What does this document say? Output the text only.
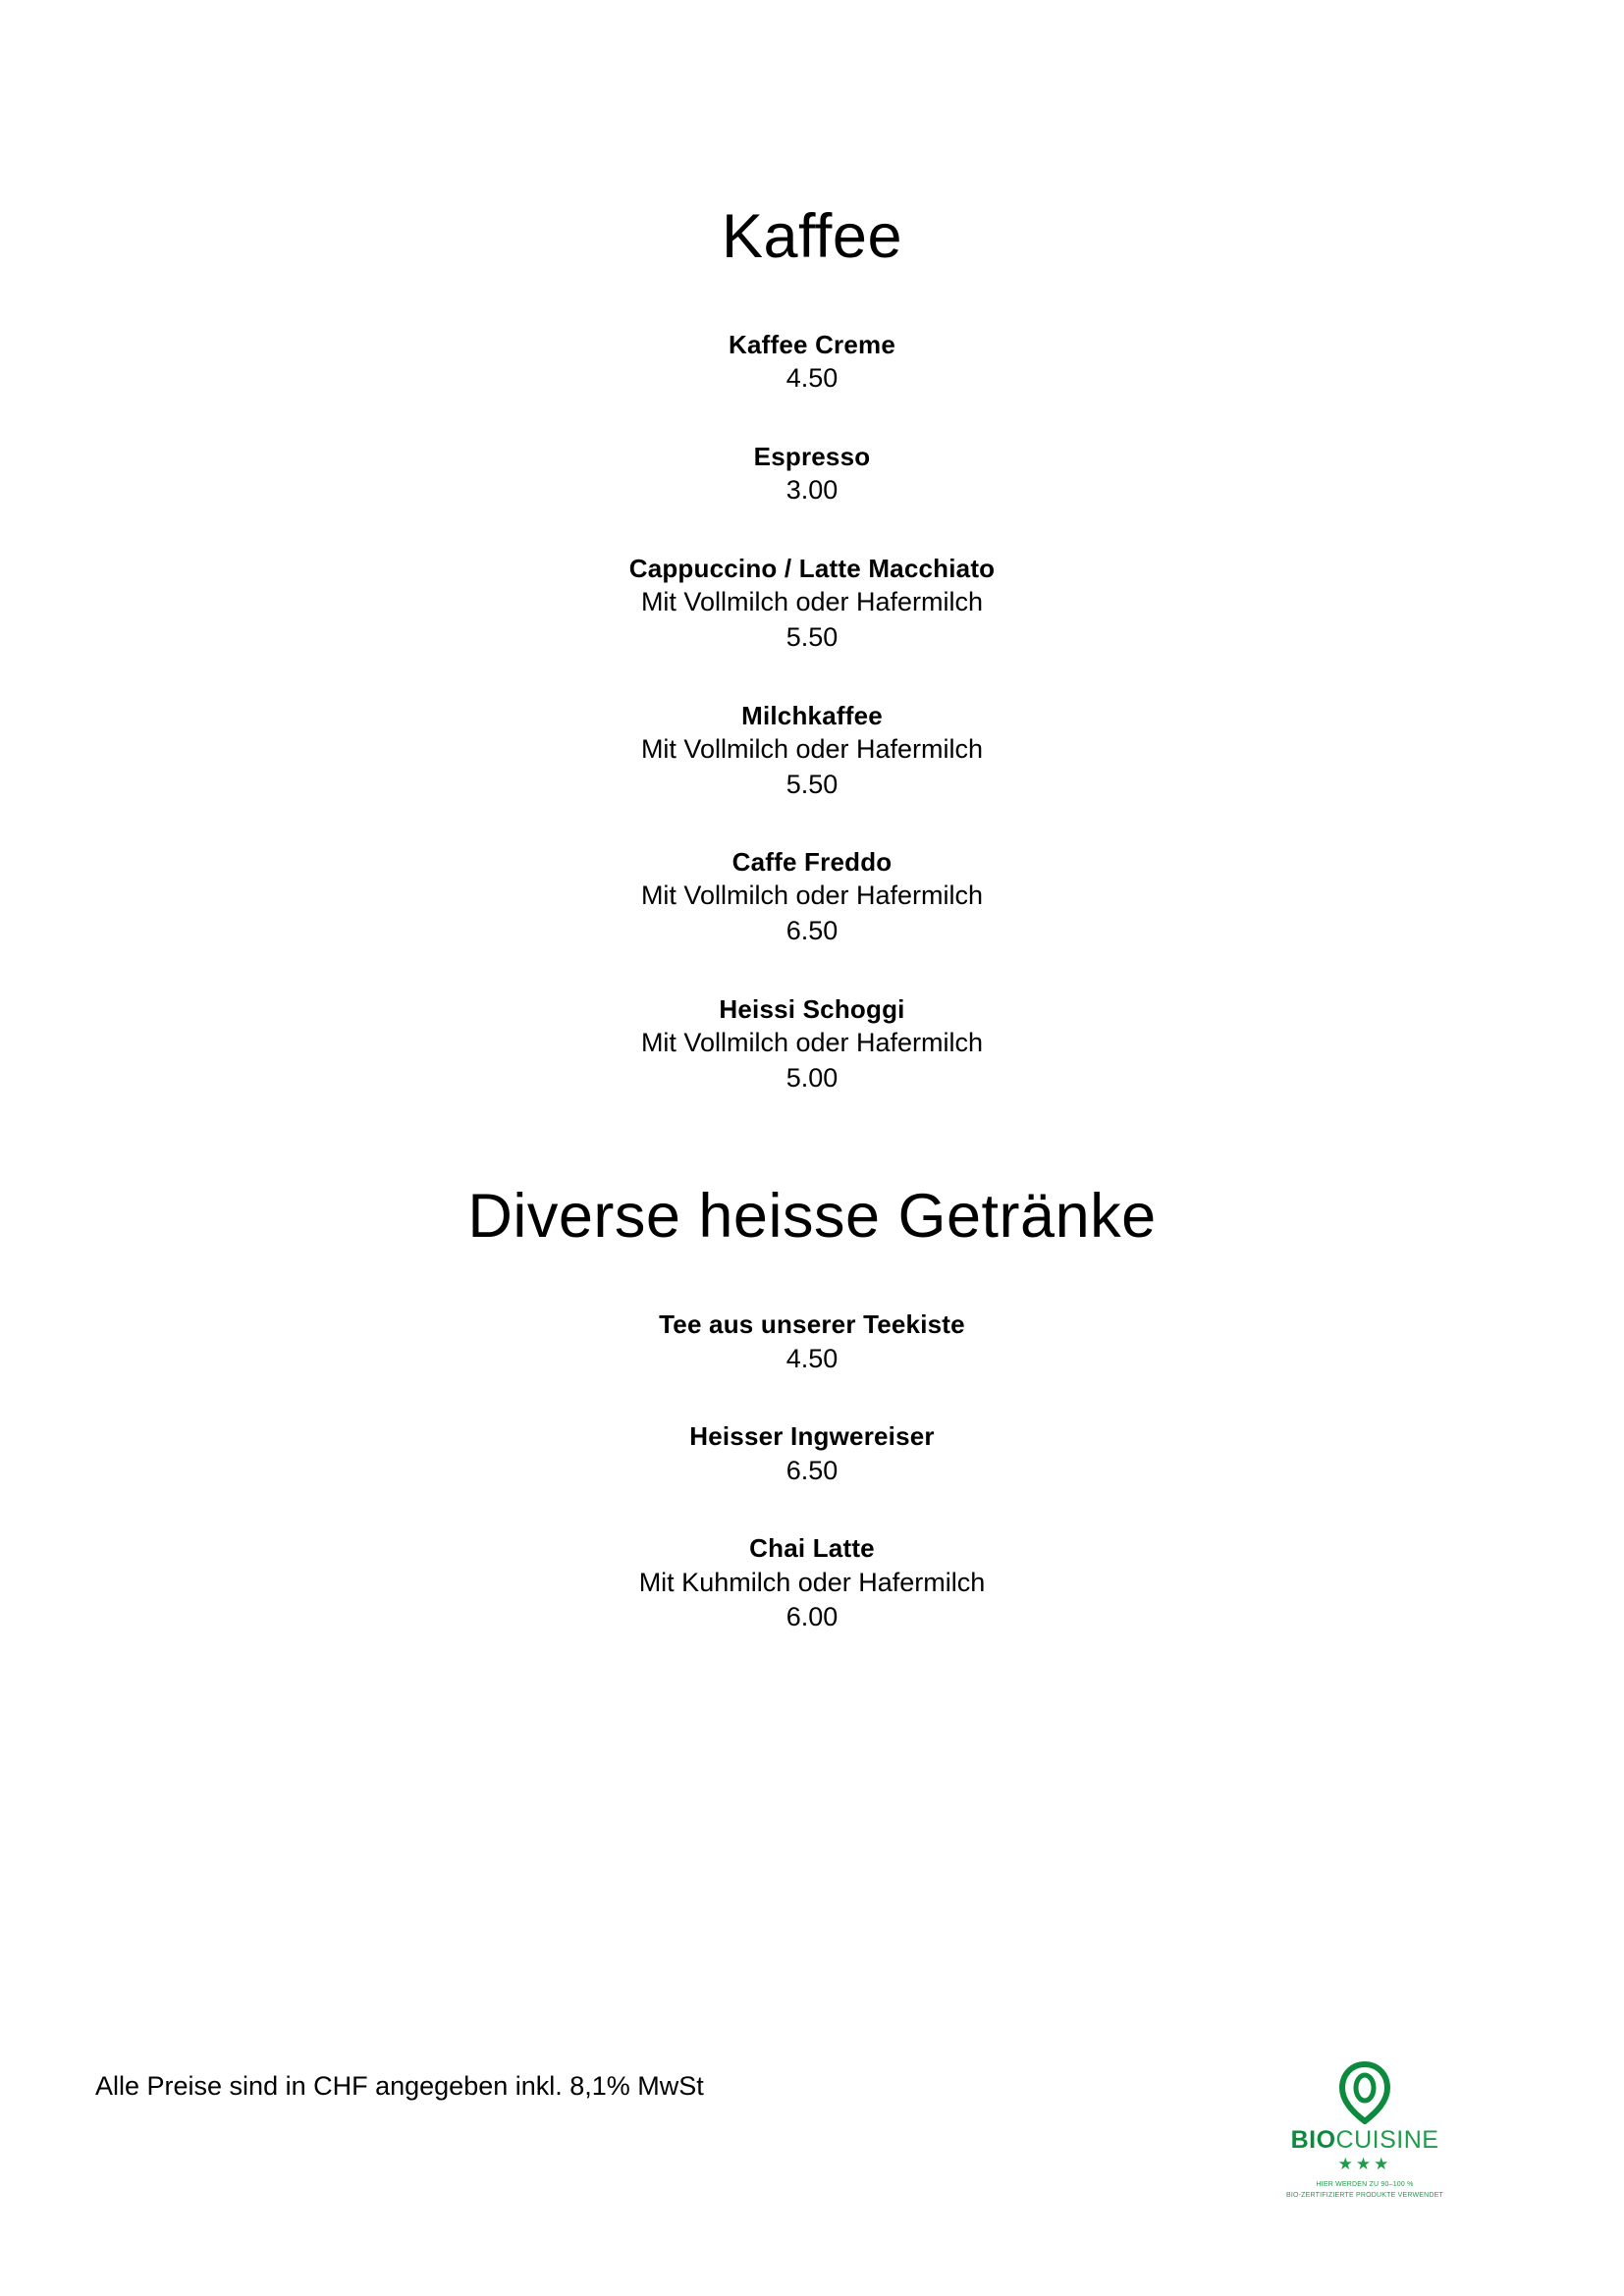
Kaffee
Kaffee Creme
4.50
Espresso
3.00
Cappuccino / Latte Macchiato
Mit Vollmilch oder Hafermilch
5.50
Milchkaffee
Mit Vollmilch oder Hafermilch
5.50
Caffe Freddo
Mit Vollmilch oder Hafermilch
6.50
Heissi Schoggi
Mit Vollmilch oder Hafermilch
5.00
Diverse heisse Getränke
Tee aus unserer Teekiste
4.50
Heisser Ingwereiser
6.50
Chai Latte
Mit Kuhmilch oder Hafermilch
6.00
Alle Preise sind in CHF angegeben inkl. 8,1% MwSt
BIOCUISINE
★★★
HIER WERDEN ZU 90–100 %
BIO-ZERTIFIZIERTE PRODUKTE VERWENDET
